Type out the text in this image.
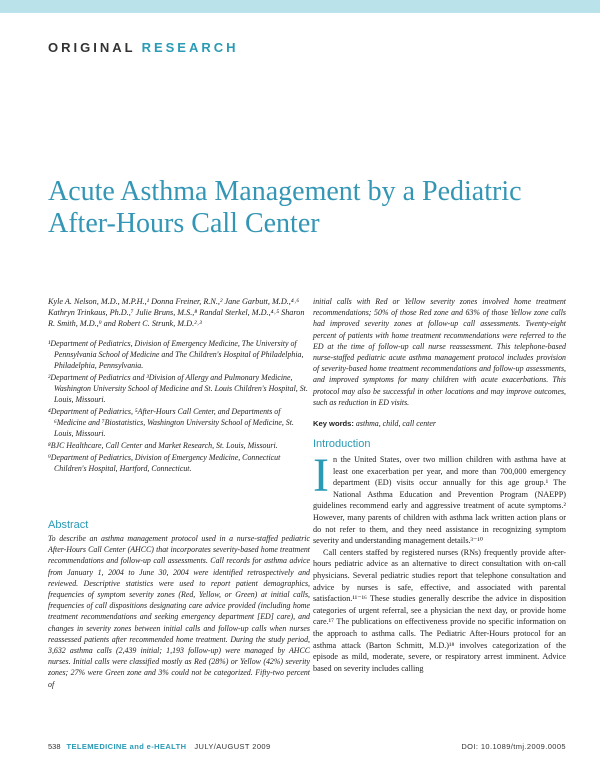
ORIGINAL RESEARCH
Acute Asthma Management by a Pediatric After-Hours Call Center

Kyle A. Nelson, M.D., M.P.H.,¹ Donna Freiner, R.N.,² Jane Garbutt, M.D.,⁴˒⁶ Kathryn Trinkaus, Ph.D.,⁷ Julie Bruns, M.S.,⁸ Randal Sterkel, M.D.,⁴˒⁵ Sharon R. Smith, M.D.,⁹ and Robert C. Strunk, M.D.²˒³

¹Department of Pediatrics, Division of Emergency Medicine, The University of Pennsylvania School of Medicine and The Children's Hospital of Philadelphia, Philadelphia, Pennsylvania.
²Department of Pediatrics and ³Division of Allergy and Pulmonary Medicine, Washington University School of Medicine and St. Louis Children's Hospital, St. Louis, Missouri.
⁴Department of Pediatrics, ⁵After-Hours Call Center, and Departments of ⁶Medicine and ⁷Biostatistics, Washington University School of Medicine, St. Louis, Missouri.
⁸BJC Healthcare, Call Center and Market Research, St. Louis, Missouri.
⁹Department of Pediatrics, Division of Emergency Medicine, Connecticut Children's Hospital, Hartford, Connecticut.
Abstract

To describe an asthma management protocol used in a nurse-staffed pediatric After-Hours Call Center (AHCC) that incorporates severity-based home treatment recommendations and follow-up call assessments. Call records for asthma advice from January 1, 2004 to June 30, 2004 were identified retrospectively and reviewed. Descriptive statistics were used to report patient demographics, frequencies of symptom severity zones (Red, Yellow, or Green) at initial calls, frequencies of call dispositions designating care advice provided (including home treatment recommendations and seeking emergency department [ED] care), and changes in severity zones between initial calls and follow-up calls when nurses reassessed patients after recommended home treatment. During the study period, 3,632 asthma calls (2,439 initial; 1,193 follow-up) were managed by AHCC nurses. Initial calls were classified mostly as Red (28%) or Yellow (42%) severity zones; 27% were Green zone and 3% could not be categorized. Fifty-two percent of

initial calls with Red or Yellow severity zones involved home treatment recommendations; 50% of those Red zone and 63% of those Yellow zone calls had improved severity zones at follow-up call assessments. Twenty-eight percent of patients with home treatment recommendations were referred to the ED at the time of follow-up call nurse reassessment. This telephone-based nurse-staffed pediatric acute asthma management protocol includes provision of severity-based home treatment recommendations and follow-up assessments, and improved symptoms for many children with acute exacerbations. This protocol may also be successful in other locations and may improve outcomes, such as reduction in ED visits.

Key words: asthma, child, call center

Introduction

In the United States, over two million children with asthma have at least one exacerbation per year, and more than 700,000 emergency department (ED) visits occur annually for this age group.¹ The National Asthma Education and Prevention Program (NAEPP) guidelines recommend early and aggressive treatment of acute symptoms.² However, many parents of children with asthma lack written action plans or do not refer to them, and they need assistance in recognizing symptom severity and understanding management details.³⁻¹⁰

Call centers staffed by registered nurses (RNs) frequently provide after-hours pediatric advice as an alternative to direct consultation with on-call physicians. Several pediatric studies report that telephone consultation and advice by nurses is safe, effective, and associated with parental satisfaction.¹¹⁻¹⁶ These studies generally describe the advice in disposition categories of urgent referral, see a physician the next day, or provide home care.¹⁷ The publications on effectiveness provide no specific information on the approach to asthma calls. The Pediatric After-Hours protocol for an asthma attack (Barton Schmitt, M.D.)¹⁸ involves categorization of the episode as mild, moderate, severe, or respiratory arrest imminent. Advice based on severity includes calling

538 TELEMEDICINE and e-HEALTH JULY/AUGUST 2009	DOI: 10.1089/tmj.2009.0005
